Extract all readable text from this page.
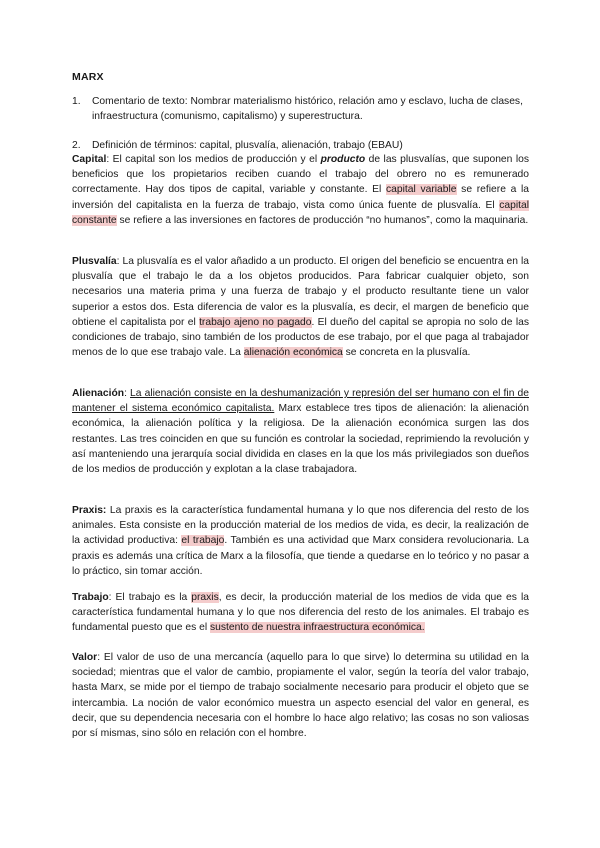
MARX
1.	Comentario de texto: Nombrar materialismo histórico, relación amo y esclavo, lucha de clases, infraestructura (comunismo, capitalismo) y superestructura.
2.	Definición de términos: capital, plusvalía, alienación, trabajo (EBAU)

Capital: El capital son los medios de producción y el producto de las plusvalías, que suponen los beneficios que los propietarios reciben cuando el trabajo del obrero no es remunerado correctamente. Hay dos tipos de capital, variable y constante. El capital variable se refiere a la inversión del capitalista en la fuerza de trabajo, vista como única fuente de plusvalía. El capital constante se refiere a las inversiones en factores de producción “no humanos”, como la maquinaria.

Plusvalía: La plusvalía es el valor añadido a un producto. El origen del beneficio se encuentra en la plusvalía que el trabajo le da a los objetos producidos. Para fabricar cualquier objeto, son necesarios una materia prima y una fuerza de trabajo y el producto resultante tiene un valor superior a estos dos. Esta diferencia de valor es la plusvalía, es decir, el margen de beneficio que obtiene el capitalista por el trabajo ajeno no pagado. El dueño del capital se apropia no solo de las condiciones de trabajo, sino también de los productos de ese trabajo, por el que paga al trabajador menos de lo que ese trabajo vale. La alienación económica se concreta en la plusvalía.

Alienación: La alienación consiste en la deshumanización y represión del ser humano con el fin de mantener el sistema económico capitalista. Marx establece tres tipos de alienación: la alienación económica, la alienación política y la religiosa. De la alienación económica surgen las dos restantes. Las tres coinciden en que su función es controlar la sociedad, reprimiendo la revolución y así manteniendo una jerarquía social dividida en clases en la que los más privilegiados son dueños de los medios de producción y explotan a la clase trabajadora.

Praxis: La praxis es la característica fundamental humana y lo que nos diferencia del resto de los animales. Esta consiste en la producción material de los medios de vida, es decir, la realización de la actividad productiva: el trabajo. También es una actividad que Marx considera revolucionaria. La praxis es además una crítica de Marx a la filosofía, que tiende a quedarse en lo teórico y no pasar a lo práctico, sin tomar acción.

Trabajo: El trabajo es la praxis, es decir, la producción material de los medios de vida que es la característica fundamental humana y lo que nos diferencia del resto de los animales. El trabajo es fundamental puesto que es el sustento de nuestra infraestructura económica.

Valor: El valor de uso de una mercancía (aquello para lo que sirve) lo determina su utilidad en la sociedad; mientras que el valor de cambio, propiamente el valor, según la teoría del valor trabajo, hasta Marx, se mide por el tiempo de trabajo socialmente necesario para producir el objeto que se intercambia. La noción de valor económico muestra un aspecto esencial del valor en general, es decir, que su dependencia necesaria con el hombre lo hace algo relativo; las cosas no son valiosas por sí mismas, sino sólo en relación con el hombre.
